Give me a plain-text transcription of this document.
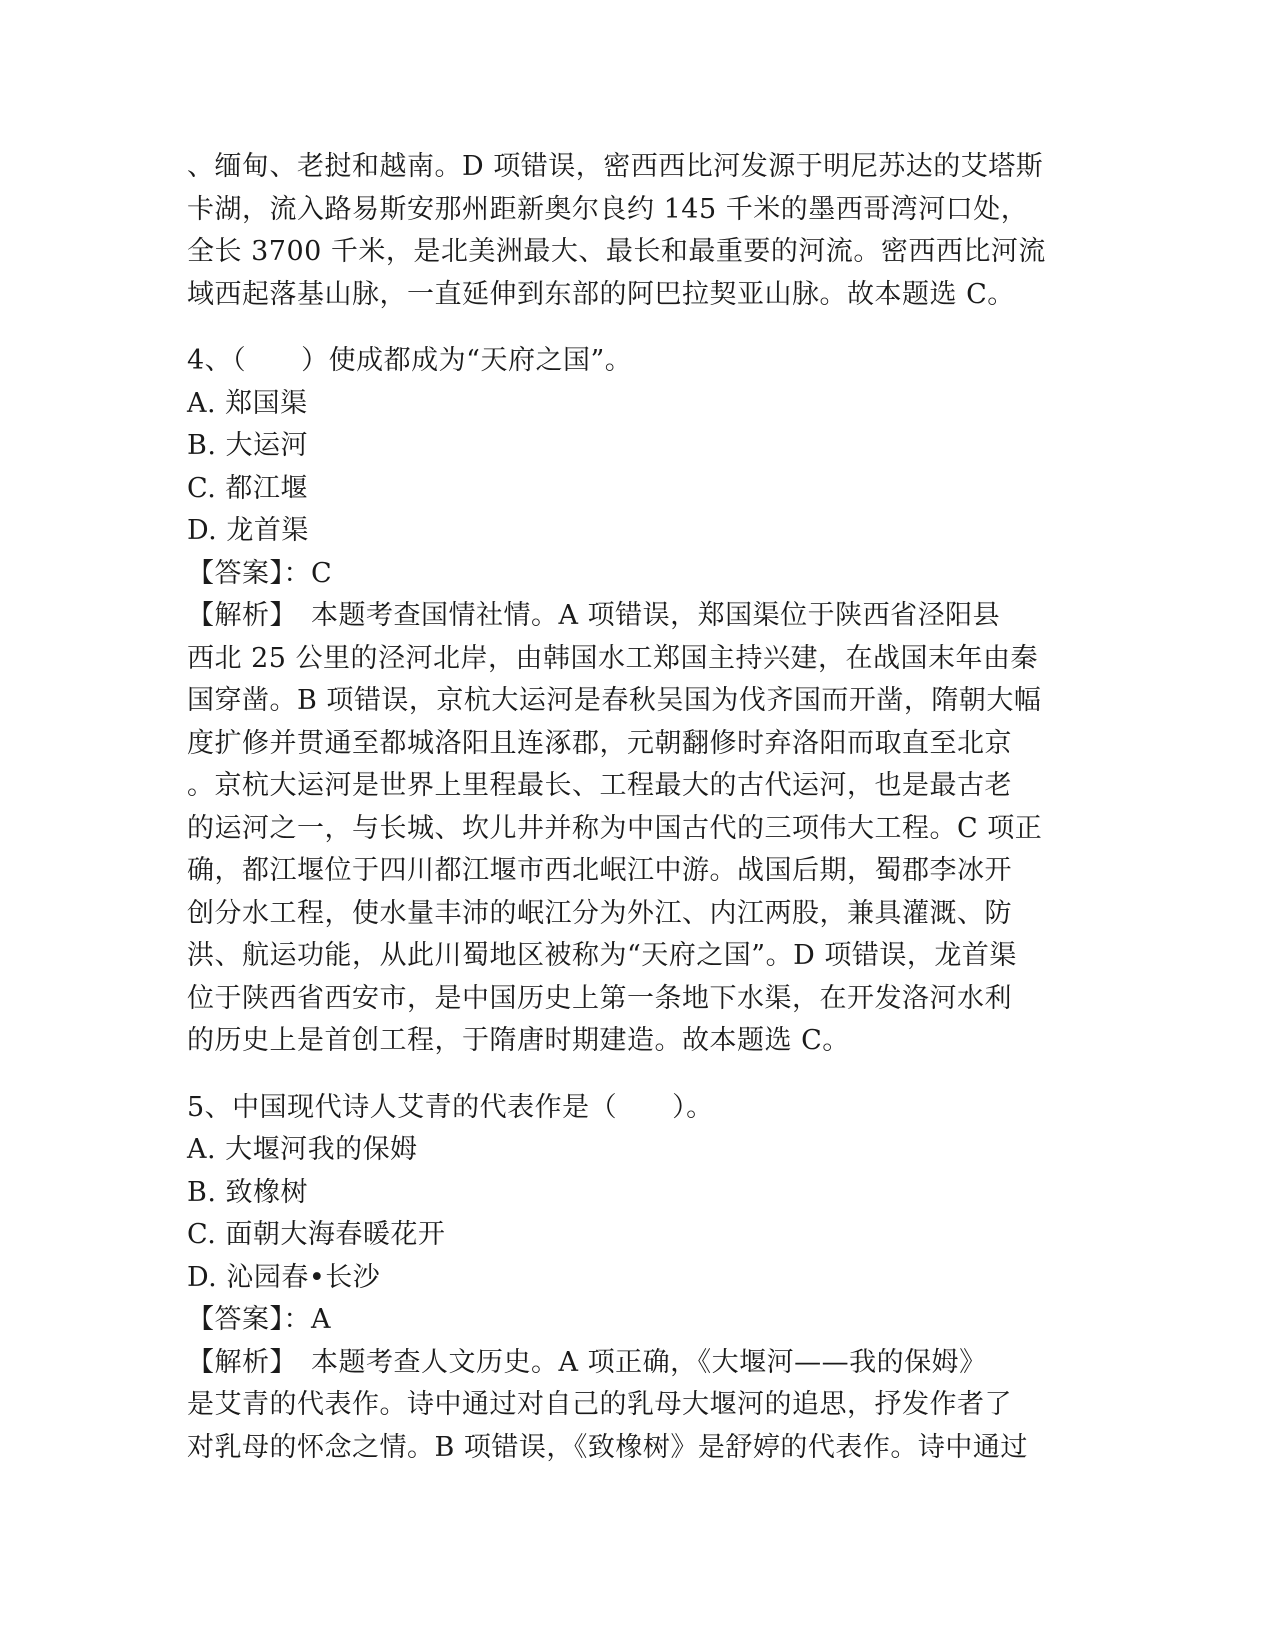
、缅甸、老挝和越南。D 项错误，密西西比河发源于明尼苏达的艾塔斯
卡湖，流入路易斯安那州距新奥尔良约 145 千米的墨西哥湾河口处，
全长 3700 千米，是北美洲最大、最长和最重要的河流。密西西比河流
域西起落基山脉，一直延伸到东部的阿巴拉契亚山脉。故本题选 C。
4、（　　）使成都成为“天府之国”。
A. 郑国渠
B. 大运河
C. 都江堰
D. 龙首渠
【答案】：C
【解析】　本题考查国情社情。A 项错误，郑国渠位于陕西省泾阳县
西北 25 公里的泾河北岸，由韩国水工郑国主持兴建，在战国末年由秦
国穿凿。B 项错误，京杭大运河是春秋吴国为伐齐国而开凿，隋朝大幅
度扩修并贯通至都城洛阳且连涿郡，元朝翻修时弃洛阳而取直至北京
。京杭大运河是世界上里程最长、工程最大的古代运河，也是最古老
的运河之一，与长城、坎儿井并称为中国古代的三项伟大工程。C 项正
确，都江堰位于四川都江堰市西北岷江中游。战国后期，蜀郡李冰开
创分水工程，使水量丰沛的岷江分为外江、内江两股，兼具灌溉、防
洪、航运功能，从此川蜀地区被称为“天府之国”。D 项错误，龙首渠
位于陕西省西安市，是中国历史上第一条地下水渠，在开发洛河水利
的历史上是首创工程，于隋唐时期建造。故本题选 C。
5、中国现代诗人艾青的代表作是（　　）。
A. 大堰河我的保姆
B. 致橡树
C. 面朝大海春暖花开
D. 沁园春•长沙
【答案】：A
【解析】　本题考查人文历史。A 项正确，《大堰河——我的保姆》
是艾青的代表作。诗中通过对自己的乳母大堰河的追思，抒发作者了
对乳母的怀念之情。B 项错误，《致橡树》是舒婷的代表作。诗中通过
